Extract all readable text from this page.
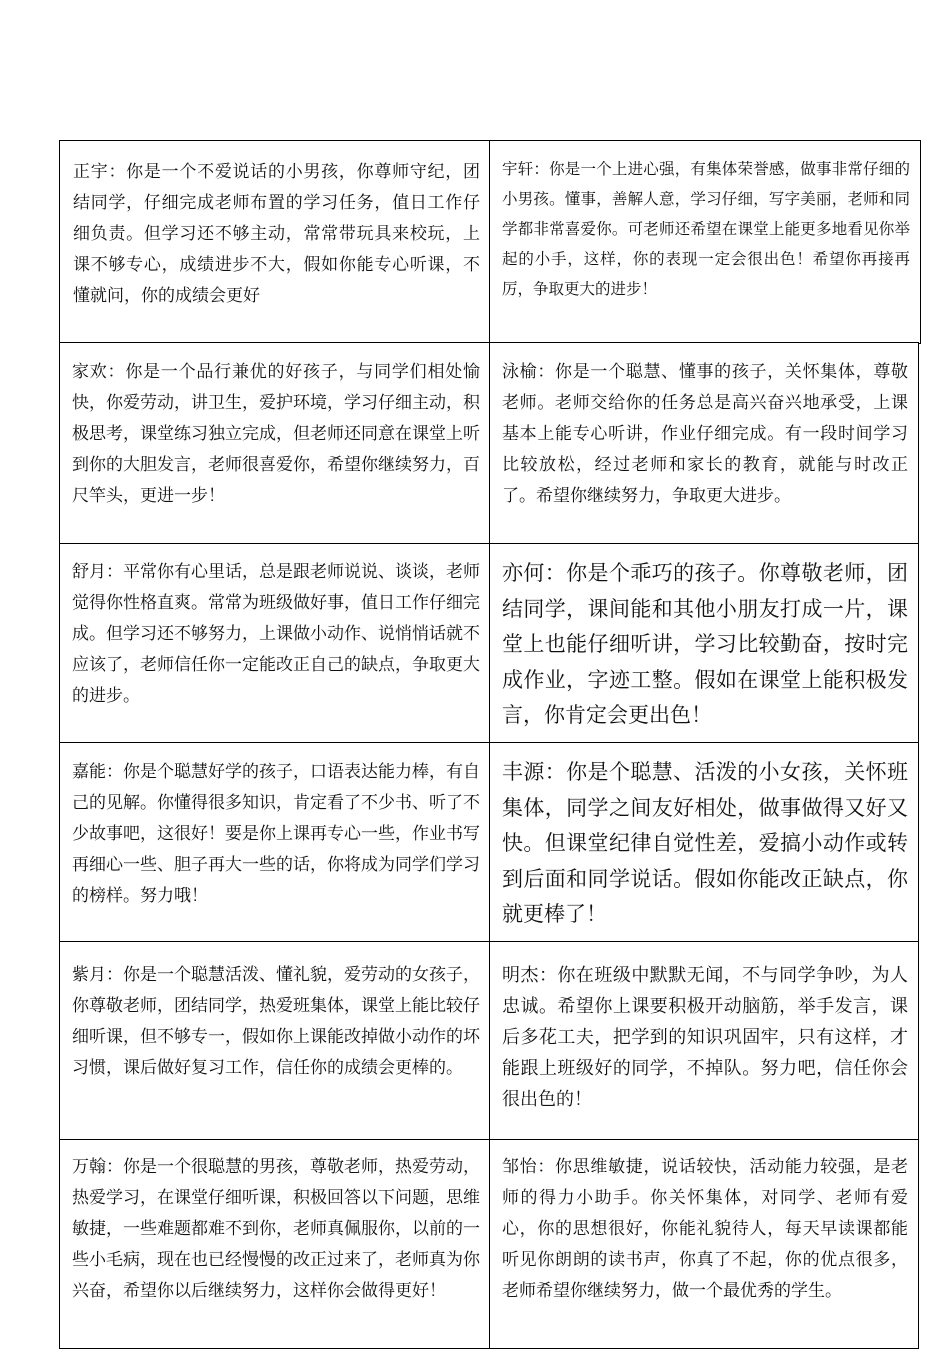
正宇：你是一个不爱说话的小男孩，你尊师守纪，团结同学，仔细完成老师布置的学习任务，值日工作仔细负责。但学习还不够主动，常常带玩具来校玩，上课不够专心，成绩进步不大，假如你能专心听课，不懂就问，你的成绩会更好

宇轩：你是一个上进心强，有集体荣誉感，做事非常仔细的小男孩。懂事，善解人意，学习仔细，写字美丽，老师和同学都非常喜爱你。可老师还希望在课堂上能更多地看见你举起的小手，这样，你的表现一定会很出色！希望你再接再厉，争取更大的进步！

家欢：你是一个品行兼优的好孩子，与同学们相处愉快，你爱劳动，讲卫生，爱护环境，学习仔细主动，积极思考，课堂练习独立完成，但老师还同意在课堂上听到你的大胆发言，老师很喜爱你，希望你继续努力，百尺竿头，更进一步！

泳榆：你是一个聪慧、懂事的孩子，关怀集体，尊敬老师。老师交给你的任务总是高兴奋兴地承受，上课基本上能专心听讲，作业仔细完成。有一段时间学习比较放松，经过老师和家长的教育，就能与时改正了。希望你继续努力，争取更大进步。

舒月：平常你有心里话，总是跟老师说说、谈谈，老师觉得你性格直爽。常常为班级做好事，值日工作仔细完成。但学习还不够努力，上课做小动作、说悄悄话就不应该了，老师信任你一定能改正自己的缺点，争取更大的进步。

亦何：你是个乖巧的孩子。你尊敬老师，团结同学，课间能和其他小朋友打成一片，课堂上也能仔细听讲，学习比较勤奋，按时完成作业，字迹工整。假如在课堂上能积极发言，你肯定会更出色！

嘉能：你是个聪慧好学的孩子，口语表达能力棒，有自己的见解。你懂得很多知识，肯定看了不少书、听了不少故事吧，这很好！要是你上课再专心一些，作业书写再细心一些、胆子再大一些的话，你将成为同学们学习的榜样。努力哦！

丰源：你是个聪慧、活泼的小女孩，关怀班集体，同学之间友好相处，做事做得又好又快。但课堂纪律自觉性差，爱搞小动作或转到后面和同学说话。假如你能改正缺点，你就更棒了！

紫月：你是一个聪慧活泼、懂礼貌，爱劳动的女孩子，你尊敬老师，团结同学，热爱班集体，课堂上能比较仔细听课，但不够专一，假如你上课能改掉做小动作的坏习惯，课后做好复习工作，信任你的成绩会更棒的。

明杰：你在班级中默默无闻，不与同学争吵，为人忠诚。希望你上课要积极开动脑筋，举手发言，课后多花工夫，把学到的知识巩固牢，只有这样，才能跟上班级好的同学，不掉队。努力吧，信任你会很出色的！

万翰：你是一个很聪慧的男孩，尊敬老师，热爱劳动，热爱学习，在课堂仔细听课，积极回答以下问题，思维敏捷，一些难题都难不到你，老师真佩服你，以前的一些小毛病，现在也已经慢慢的改正过来了，老师真为你兴奋，希望你以后继续努力，这样你会做得更好！

邹怡：你思维敏捷，说话较快，活动能力较强，是老师的得力小助手。你关怀集体，对同学、老师有爱心，你的思想很好，你能礼貌待人，每天早读课都能听见你朗朗的读书声，你真了不起，你的优点很多，老师希望你继续努力，做一个最优秀的学生。
